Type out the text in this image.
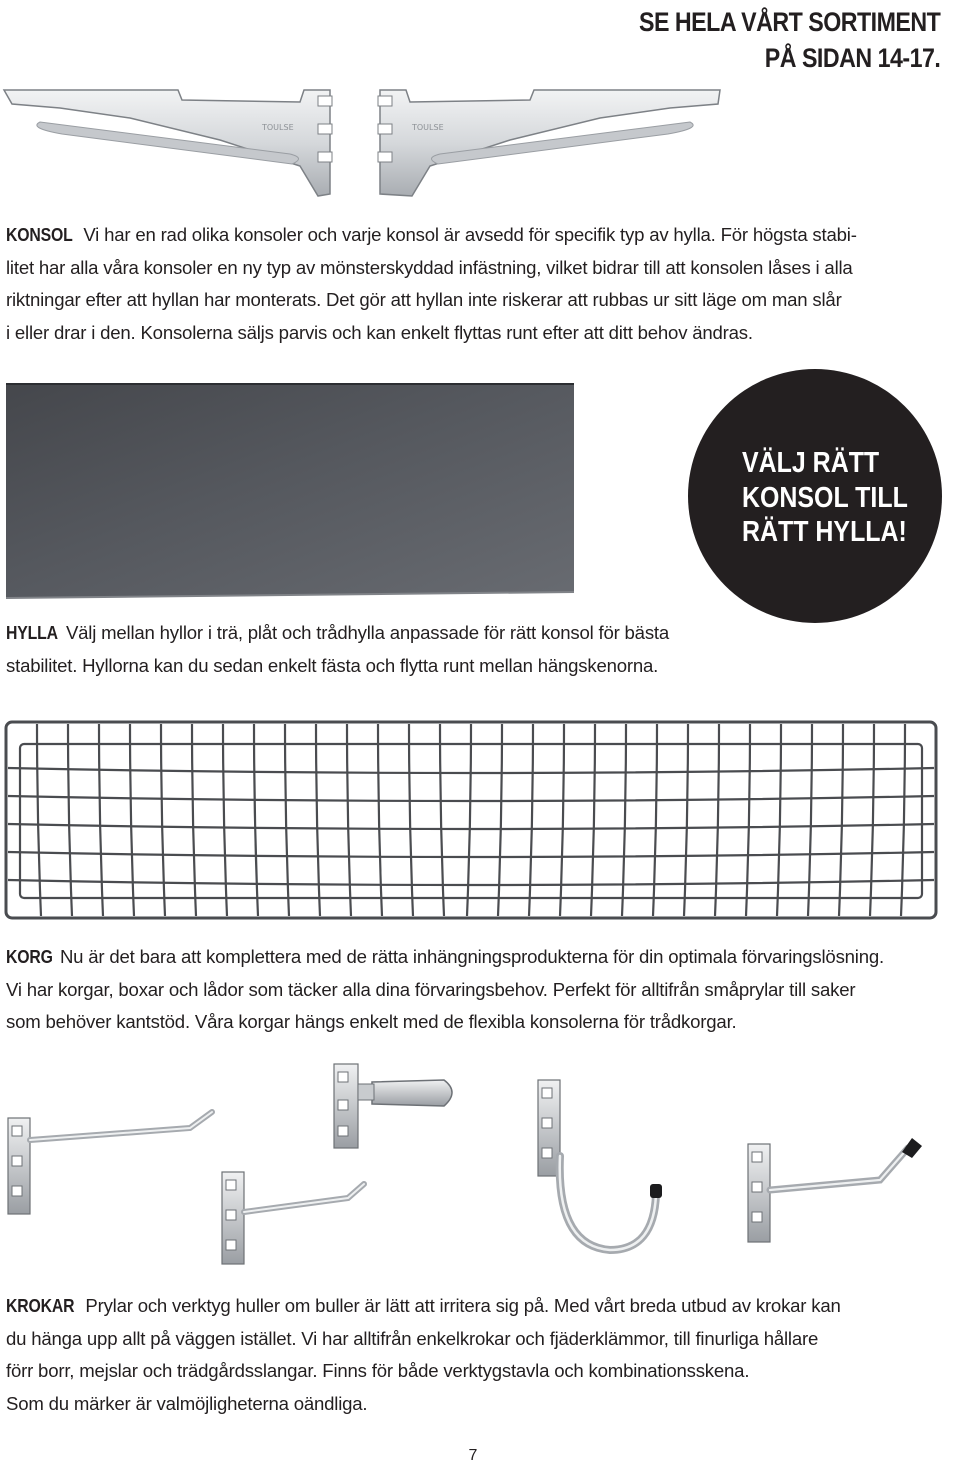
SE HELA VÅRT SORTIMENT
PÅ SIDAN 14-17.
TOULSE	TOULSE
KONSOL Vi har en rad olika konsoler och varje konsol är avsedd för specifik typ av hylla. För högsta stabi-
litet har alla våra konsoler en ny typ av mönsterskyddad infästning, vilket bidrar till att konsolen låses i alla
riktningar efter att hyllan har monterats. Det gör att hyllan inte riskerar att rubbas ur sitt läge om man slår
i eller drar i den. Konsolerna säljs parvis och kan enkelt flyttas runt efter att ditt behov ändras.
VÄLJ RÄTT
KONSOL TILL
RÄTT HYLLA!
HYLLA Välj mellan hyllor i trä, plåt och trådhylla anpassade för rätt konsol för bästa
stabilitet. Hyllorna kan du sedan enkelt fästa och flytta runt mellan hängskenorna.
KORG Nu är det bara att komplettera med de rätta inhängningsprodukterna för din optimala förvaringslösning.
Vi har korgar, boxar och lådor som täcker alla dina förvaringsbehov. Perfekt för alltifrån småprylar till saker
som behöver kantstöd. Våra korgar hängs enkelt med de flexibla konsolerna för trådkorgar.
KROKAR Prylar och verktyg huller om buller är lätt att irritera sig på. Med vårt breda utbud av krokar kan
du hänga upp allt på väggen istället. Vi har alltifrån enkelkrokar och fjäderklämmor, till finurliga hållare
förr borr, mejslar och trädgårdsslangar. Finns för både verktygstavla och kombinationsskena.
Som du märker är valmöjligheterna oändliga.
7
